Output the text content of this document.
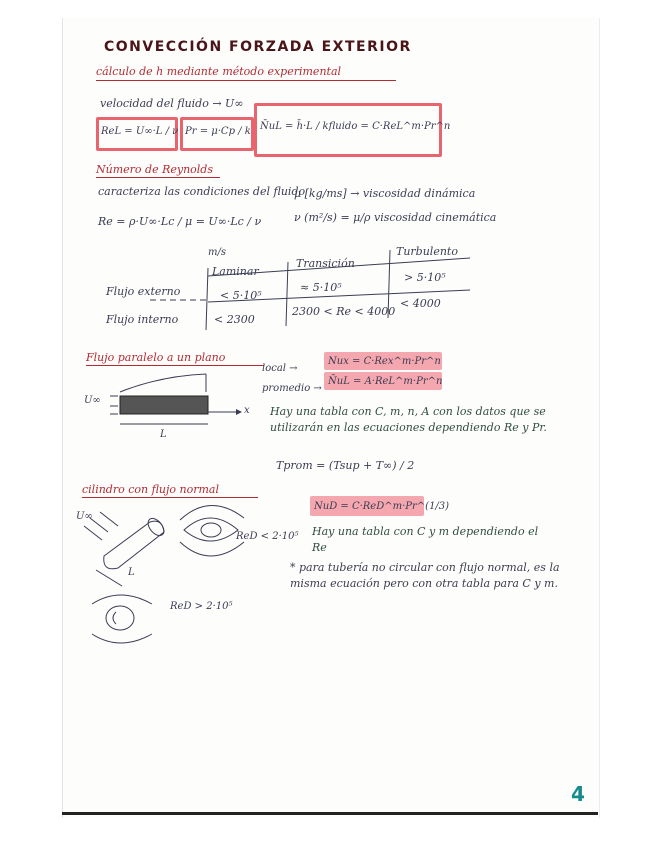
CONVECCIÓN FORZADA EXTERIOR
cálculo de h mediante método experimental
velocidad del fluido → U∞
ReL = U∞·L / ν Pr = μ·Cp / k N̄uL = h̄·L / kfluido = C·ReL^m·Pr^n
Número de Reynolds
caracteriza las condiciones del fluido
Re = ρ·U∞·Lc / μ = U∞·Lc / ν
m/s
μ [kg/ms] → viscosidad dinámica
ν (m²/s) = μ/ρ viscosidad cinemática
Laminar
Transición
Turbulento
Flujo externo	< 5·10⁵
≈ 5·10⁵
> 5·10⁵
Flujo interno	< 2300
2300 < Re < 4000
< 4000
Flujo paralelo a un plano
U∞
x
L
local →
Nux = C·Rex^m·Pr^n
promedio →
N̄uL = A·ReL^m·Pr^n
Hay una tabla con C, m, n, A con los datos que se utilizarán en las ecuaciones dependiendo Re y Pr.
Tprom = (Tsup + T∞) / 2
cilindro con flujo normal
NuD = C·ReD^m·Pr^(1/3)
Hay una tabla con C y m dependiendo el Re
* para tubería no circular con flujo normal, es la misma ecuación pero con otra tabla para C y m.
U∞
L
ReD < 2·10⁵
ReD > 2·10⁵
4
